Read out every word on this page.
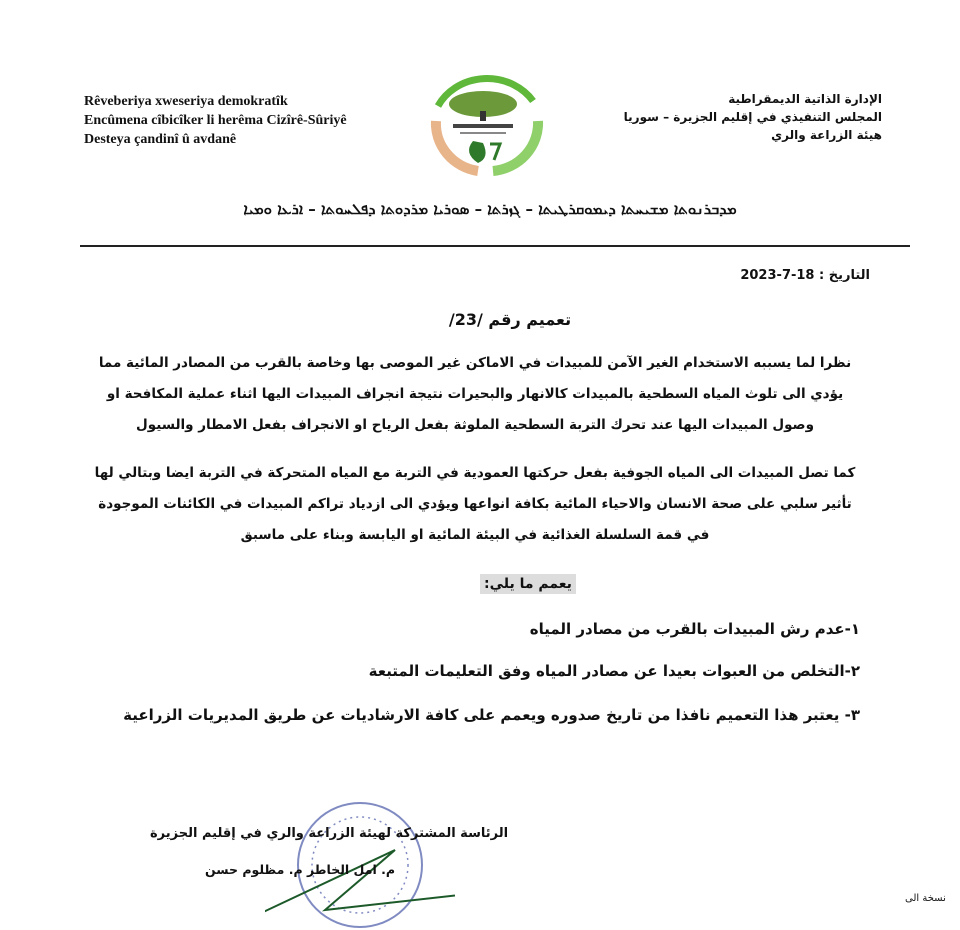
Rêveberiya xweseriya demokratîk
Encûmena cîbicîker li herêma Cizîrê-Sûriyê
Desteya çandinî û avdanê
الإدارة الذاتية الديمقراطية
المجلس التنفيذي في إقليم الجزيرة – سوريا
هيئة الزراعة والري
ܡܕܒܪܢܘܬܐ ܡܫܝܚܬܐ ܕܝܡܘܩܪܛܝܬܐ – ܓܙܪܬܐ – ܣܘܪܝܐ ܡܪܕܘܬܐ ܕܦܠܚܘܬܐ – ܐܪܥܐ ܘܡܝܐ
التاريخ : 18-7-2023
تعميم رقم /23/
نظرا لما يسببه الاستخدام الغير الآمن للمبيدات في الاماكن غير الموصى بها وخاصة بالقرب من المصادر المائية مما يؤدي الى تلوث المياه السطحية بالمبيدات كالانهار والبحيرات نتيجة انجراف المبيدات اليها اثناء عملية المكافحة او وصول المبيدات اليها عند تحرك التربة السطحية الملوثة بفعل الرياح او الانجراف بفعل الامطار والسيول
كما تصل المبيدات الى المياه الجوفية بفعل حركتها العمودية في التربة مع المياه المتحركة في التربة ايضا وبتالي لها تأثير سلبي على صحة الانسان والاحياء المائية بكافة انواعها ويؤدي الى ازدياد تراكم المبيدات في الكائنات الموجودة في قمة السلسلة الغذائية في البيئة المائية او اليابسة وبناء على ماسبق
يعمم ما يلي:
١-عدم رش المبيدات بالقرب من مصادر المياه
٢-التخلص من العبوات بعيدا عن مصادر المياه وفق التعليمات المتبعة
٣- يعتبر هذا التعميم نافذا من تاريخ صدوره ويعمم على كافة الارشاديات عن طريق المديريات الزراعية
الرئاسة المشتركة لهيئة الزراعة والري في إقليم الجزيرة
م. امل الخاطر م. مظلوم حسن
نسخة الى
